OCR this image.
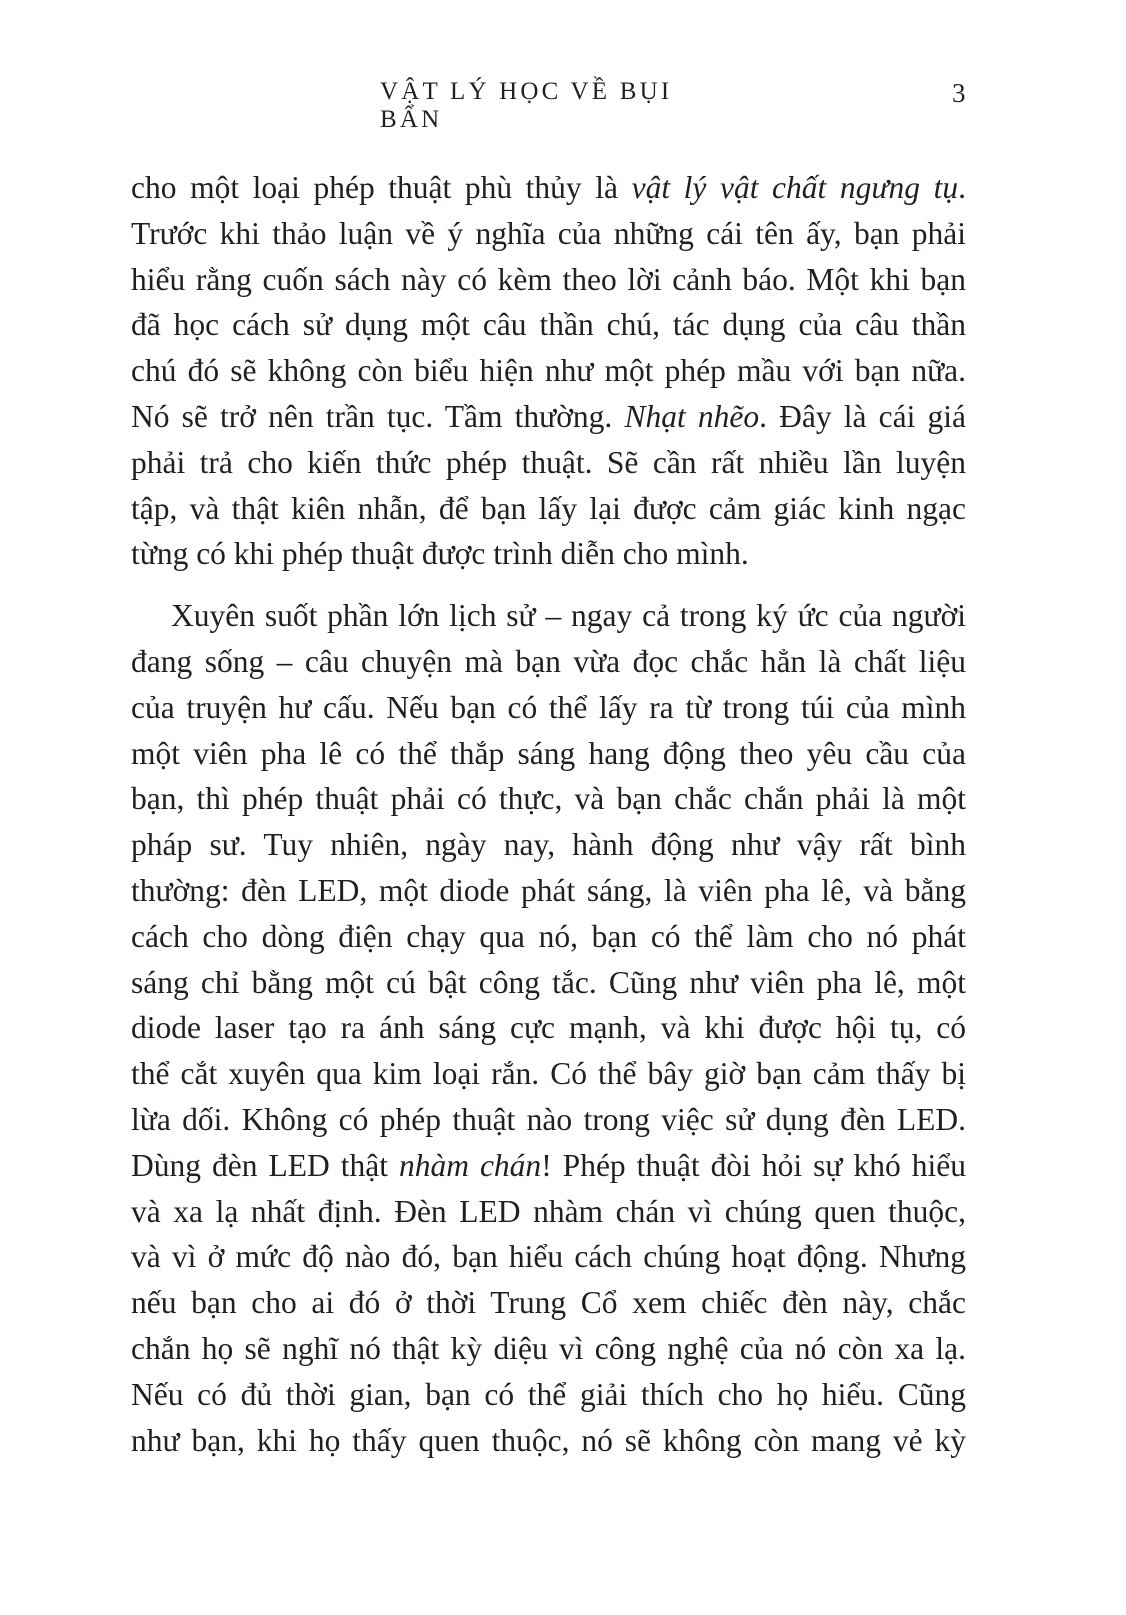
VẬT LÝ HỌC VỀ BỤI BẨN
3
cho một loại phép thuật phù thủy là vật lý vật chất ngưng tụ.
Trước khi thảo luận về ý nghĩa của những cái tên ấy, bạn phải
hiểu rằng cuốn sách này có kèm theo lời cảnh báo. Một khi bạn
đã học cách sử dụng một câu thần chú, tác dụng của câu thần
chú đó sẽ không còn biểu hiện như một phép mầu với bạn nữa.
Nó sẽ trở nên trần tục. Tầm thường. Nhạt nhẽo. Đây là cái giá
phải trả cho kiến thức phép thuật. Sẽ cần rất nhiều lần luyện
tập, và thật kiên nhẫn, để bạn lấy lại được cảm giác kinh ngạc
từng có khi phép thuật được trình diễn cho mình.
Xuyên suốt phần lớn lịch sử – ngay cả trong ký ức của người
đang sống – câu chuyện mà bạn vừa đọc chắc hẳn là chất liệu
của truyện hư cấu. Nếu bạn có thể lấy ra từ trong túi của mình
một viên pha lê có thể thắp sáng hang động theo yêu cầu của
bạn, thì phép thuật phải có thực, và bạn chắc chắn phải là một
pháp sư. Tuy nhiên, ngày nay, hành động như vậy rất bình
thường: đèn LED, một diode phát sáng, là viên pha lê, và bằng
cách cho dòng điện chạy qua nó, bạn có thể làm cho nó phát
sáng chỉ bằng một cú bật công tắc. Cũng như viên pha lê, một
diode laser tạo ra ánh sáng cực mạnh, và khi được hội tụ, có
thể cắt xuyên qua kim loại rắn. Có thể bây giờ bạn cảm thấy bị
lừa dối. Không có phép thuật nào trong việc sử dụng đèn LED.
Dùng đèn LED thật nhàm chán! Phép thuật đòi hỏi sự khó hiểu
và xa lạ nhất định. Đèn LED nhàm chán vì chúng quen thuộc,
và vì ở mức độ nào đó, bạn hiểu cách chúng hoạt động. Nhưng
nếu bạn cho ai đó ở thời Trung Cổ xem chiếc đèn này, chắc
chắn họ sẽ nghĩ nó thật kỳ diệu vì công nghệ của nó còn xa lạ.
Nếu có đủ thời gian, bạn có thể giải thích cho họ hiểu. Cũng
như bạn, khi họ thấy quen thuộc, nó sẽ không còn mang vẻ kỳ
